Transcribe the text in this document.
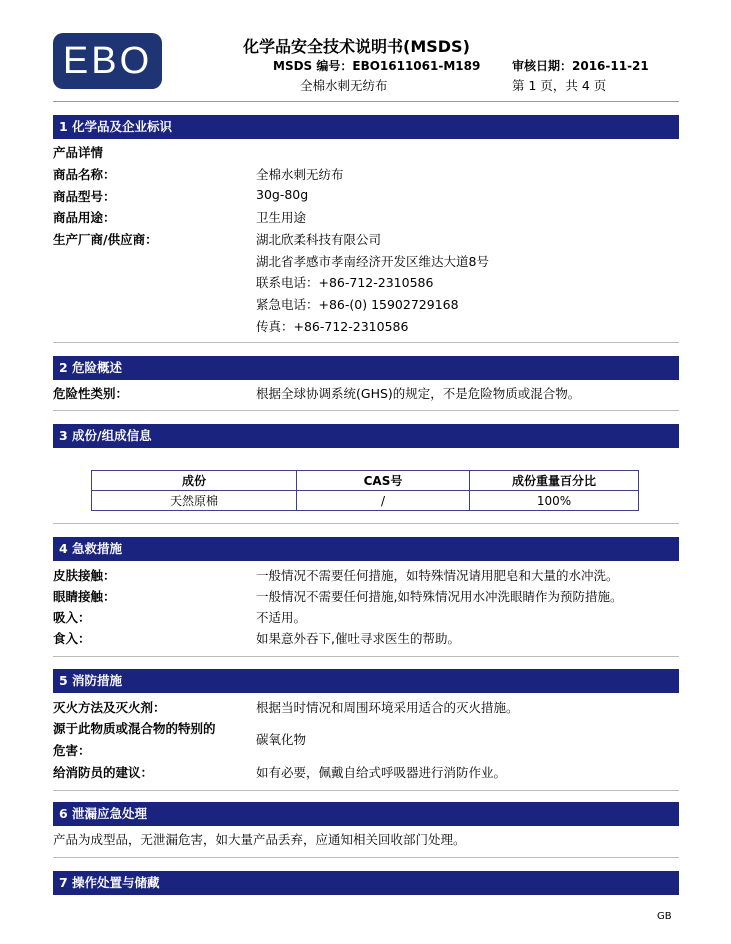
EBO	化学品安全技术说明书(MSDS)
MSDS 编号：EBO1611061-M189	审核日期：2016-11-21
全棉水刺无纺布	第 1 页，共 4 页
1 化学品及企业标识
产品详情
商品名称：	全棉水刺无纺布
商品型号：	30g-80g
商品用途：	卫生用途
生产厂商/供应商：	湖北欣柔科技有限公司
湖北省孝感市孝南经济开发区维达大道8号
联系电话：+86-712-2310586
紧急电话：+86-(0) 15902729168
传真：+86-712-2310586
2 危险概述
危险性类别：	根据全球协调系统(GHS)的规定，不是危险物质或混合物。
3 成份/组成信息
成份	CAS号	成份重量百分比
天然原棉	/	100%
4 急救措施
皮肤接触：	一般情况不需要任何措施，如特殊情况请用肥皂和大量的水冲洗。
眼睛接触：	一般情况不需要任何措施,如特殊情况用水冲洗眼睛作为预防措施。
吸入：	不适用。
食入：	如果意外吞下,催吐寻求医生的帮助。
5 消防措施
灭火方法及灭火剂：	根据当时情况和周围环境采用适合的灭火措施。
源于此物质或混合物的特别的
危害：
碳氧化物
给消防员的建议：	如有必要，佩戴自给式呼吸器进行消防作业。
6 泄漏应急处理
产品为成型品，无泄漏危害，如大量产品丢弃，应通知相关回收部门处理。
7 操作处置与储藏
GB
